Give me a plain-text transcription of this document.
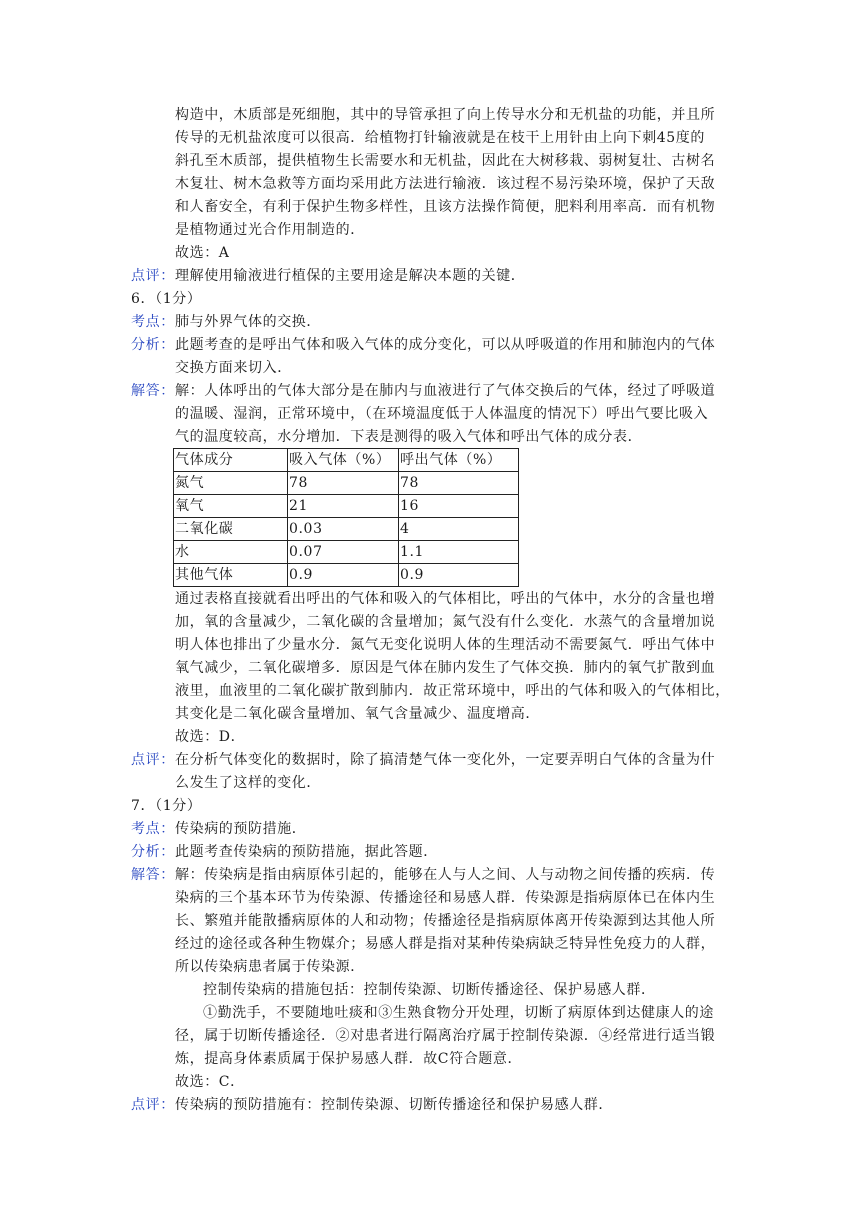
构造中，木质部是死细胞，其中的导管承担了向上传导水分和无机盐的功能，并且所
传导的无机盐浓度可以很高．给植物打针输液就是在枝干上用针由上向下刺45度的
斜孔至木质部，提供植物生长需要水和无机盐，因此在大树移栽、弱树复壮、古树名
木复壮、树木急救等方面均采用此方法进行输液．该过程不易污染环境，保护了天敌
和人畜安全，有利于保护生物多样性，且该方法操作简便，肥料利用率高．而有机物
是植物通过光合作用制造的．
故选：A
点评： 理解使用输液进行植保的主要用途是解决本题的关键．
6．（1分）
考点： 肺与外界气体的交换．
分析： 此题考查的是呼出气体和吸入气体的成分变化，可以从呼吸道的作用和肺泡内的气体
交换方面来切入．
解答： 解：人体呼出的气体大部分是在肺内与血液进行了气体交换后的气体，经过了呼吸道
的温暖、湿润，正常环境中，（在环境温度低于人体温度的情况下）呼出气要比吸入
气的温度较高，水分增加．下表是测得的吸入气体和呼出气体的成分表．
气体成分	吸入气体（%）	呼出气体（%）
氮气	78	78
氧气	21	16
二氧化碳	0.03	4
水	0.07	1.1
其他气体	0.9	0.9
通过表格直接就看出呼出的气体和吸入的气体相比，呼出的气体中，水分的含量也增
加，氧的含量减少，二氧化碳的含量增加；氮气没有什么变化．水蒸气的含量增加说
明人体也排出了少量水分．氮气无变化说明人体的生理活动不需要氮气．呼出气体中
氧气减少，二氧化碳增多．原因是气体在肺内发生了气体交换．肺内的氧气扩散到血
液里，血液里的二氧化碳扩散到肺内．故正常环境中，呼出的气体和吸入的气体相比，
其变化是二氧化碳含量增加、氧气含量减少、温度增高．
故选：D．
点评： 在分析气体变化的数据时，除了搞清楚气体一变化外，一定要弄明白气体的含量为什
么发生了这样的变化．
7．（1分）
考点： 传染病的预防措施．
分析： 此题考查传染病的预防措施，据此答题．
解答： 解：传染病是指由病原体引起的，能够在人与人之间、人与动物之间传播的疾病．传
染病的三个基本环节为传染源、传播途径和易感人群．传染源是指病原体已在体内生
长、繁殖并能散播病原体的人和动物；传播途径是指病原体离开传染源到达其他人所
经过的途径或各种生物媒介；易感人群是指对某种传染病缺乏特异性免疫力的人群，
所以传染病患者属于传染源．
控制传染病的措施包括：控制传染源、切断传播途径、保护易感人群．
①勤洗手，不要随地吐痰和③生熟食物分开处理，切断了病原体到达健康人的途
径，属于切断传播途径．②对患者进行隔离治疗属于控制传染源．④经常进行适当锻
炼，提高身体素质属于保护易感人群．故C符合题意．
故选：C．
点评： 传染病的预防措施有：控制传染源、切断传播途径和保护易感人群．
